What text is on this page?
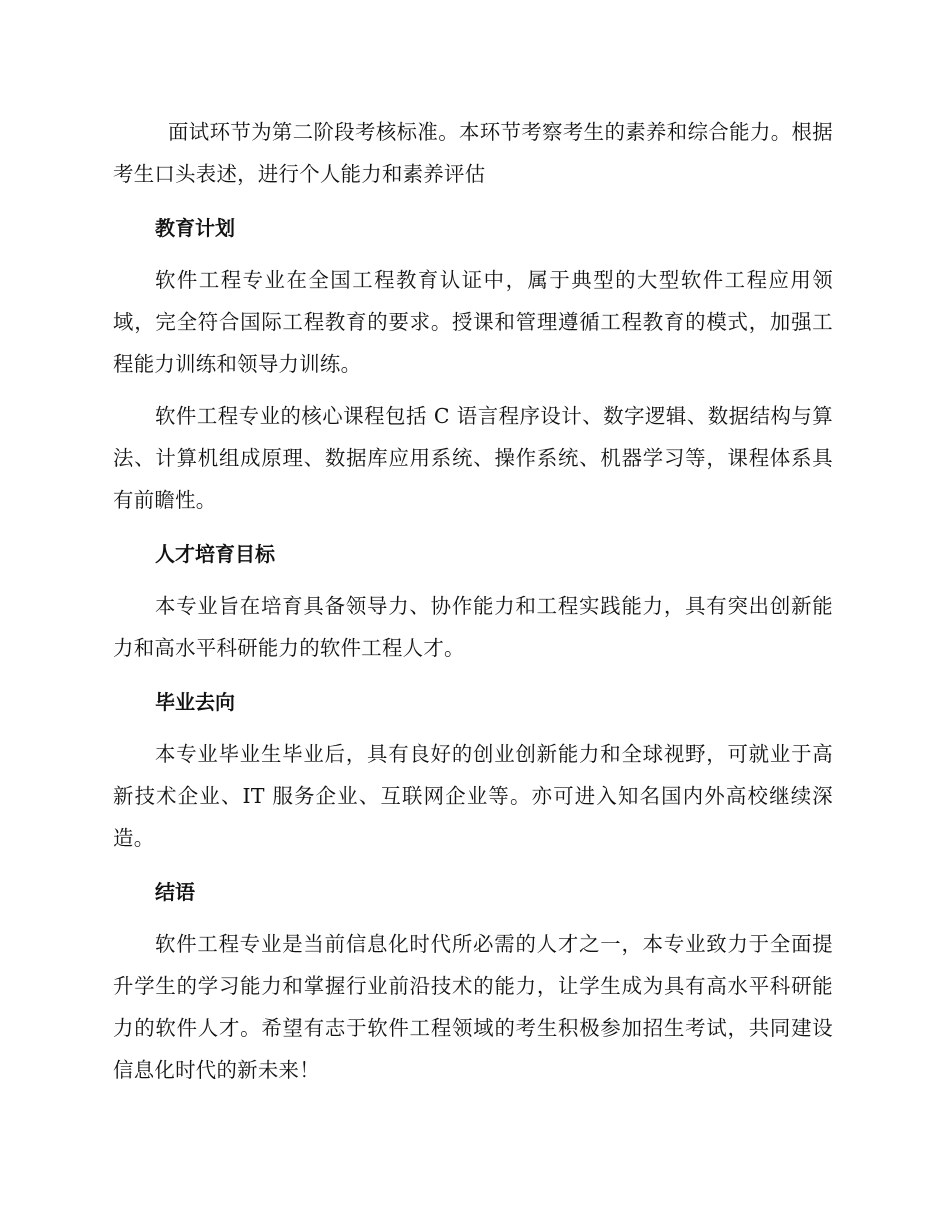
面试环节为第二阶段考核标准。本环节考察考生的素养和综合能力。根据考生口头表述，进行个人能力和素养评估

教育计划

软件工程专业在全国工程教育认证中，属于典型的大型软件工程应用领域，完全符合国际工程教育的要求。授课和管理遵循工程教育的模式，加强工程能力训练和领导力训练。

软件工程专业的核心课程包括 C 语言程序设计、数字逻辑、数据结构与算法、计算机组成原理、数据库应用系统、操作系统、机器学习等，课程体系具有前瞻性。

人才培育目标

本专业旨在培育具备领导力、协作能力和工程实践能力，具有突出创新能力和高水平科研能力的软件工程人才。

毕业去向

本专业毕业生毕业后，具有良好的创业创新能力和全球视野，可就业于高新技术企业、IT 服务企业、互联网企业等。亦可进入知名国内外高校继续深造。

结语

软件工程专业是当前信息化时代所必需的人才之一，本专业致力于全面提升学生的学习能力和掌握行业前沿技术的能力，让学生成为具有高水平科研能力的软件人才。希望有志于软件工程领域的考生积极参加招生考试，共同建设信息化时代的新未来！
